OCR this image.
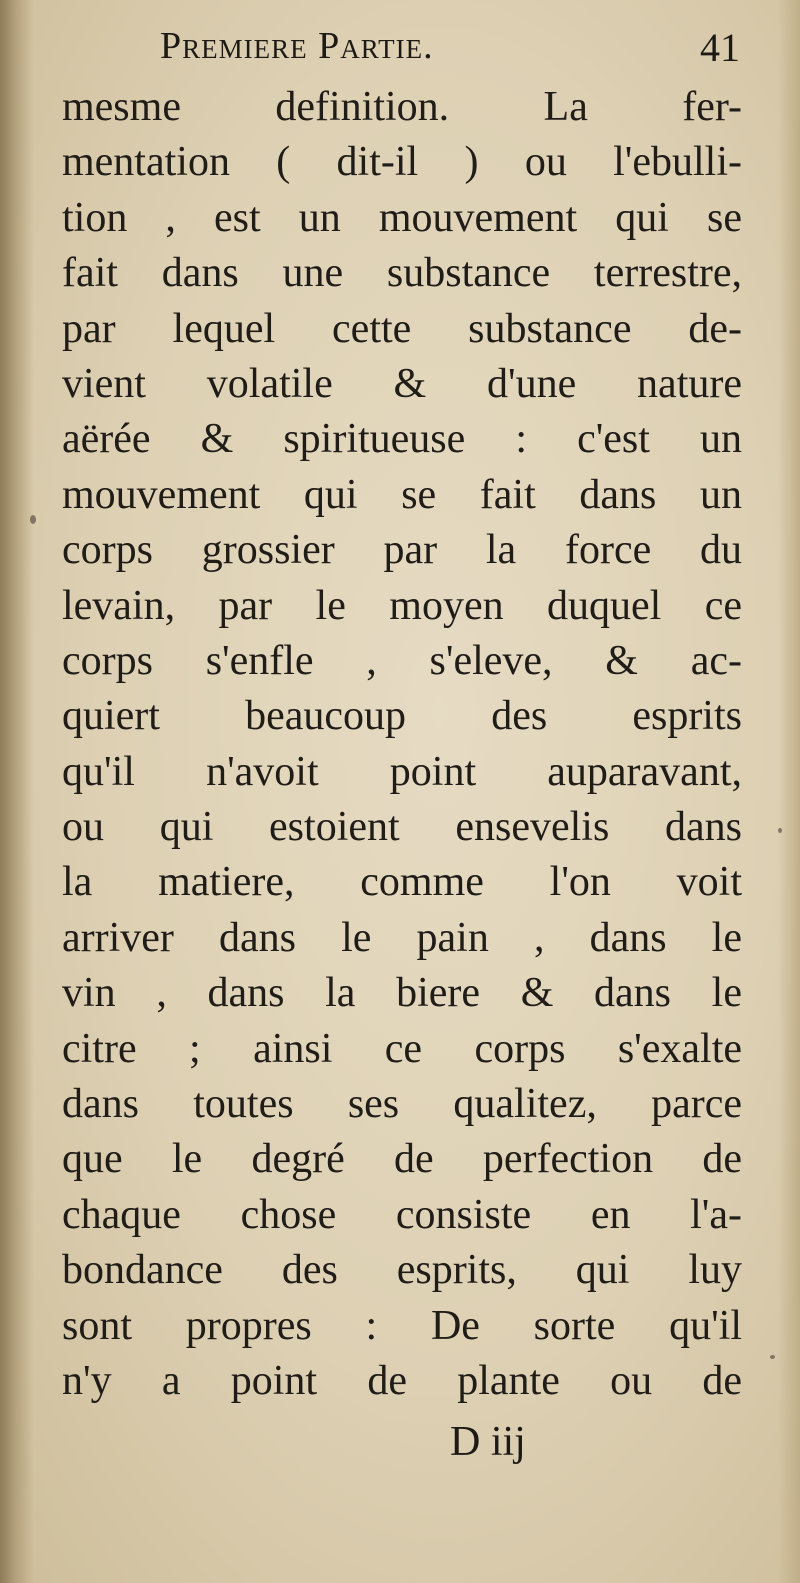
Premiere Partie.	41
mesme definition. La fer-
mentation ( dit-il ) ou l'ebulli-
tion , est un mouvement qui se
fait dans une substance terrestre,
par lequel cette substance de-
vient volatile & d'une nature
aërée & spiritueuse : c'est un
mouvement qui se fait dans un
corps grossier par la force du
levain, par le moyen duquel ce
corps s'enfle , s'eleve, & ac-
quiert beaucoup des esprits
qu'il n'avoit point auparavant,
ou qui estoient ensevelis dans
la matiere, comme l'on voit
arriver dans le pain , dans le
vin , dans la biere & dans le
citre ; ainsi ce corps s'exalte
dans toutes ses qualitez, parce
que le degré de perfection de
chaque chose consiste en l'a-
bondance des esprits, qui luy
sont propres : De sorte qu'il
n'y a point de plante ou de
D iij
